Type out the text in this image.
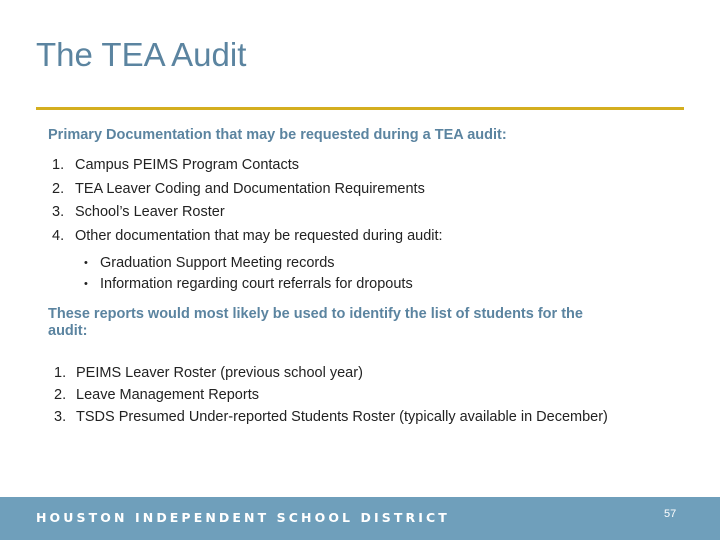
The TEA Audit
Primary Documentation that may be requested during a TEA audit:
1. Campus PEIMS Program Contacts
2. TEA Leaver Coding and Documentation Requirements
3. School’s Leaver Roster
4. Other documentation that may be requested during audit:
• Graduation Support Meeting records
• Information regarding court referrals for dropouts
These reports would most likely be used to identify the list of students for the audit:
1. PEIMS Leaver Roster (previous school year)
2. Leave Management Reports
3. TSDS Presumed Under-reported Students Roster (typically available in December)
HOUSTON INDEPENDENT SCHOOL DISTRICT	57
